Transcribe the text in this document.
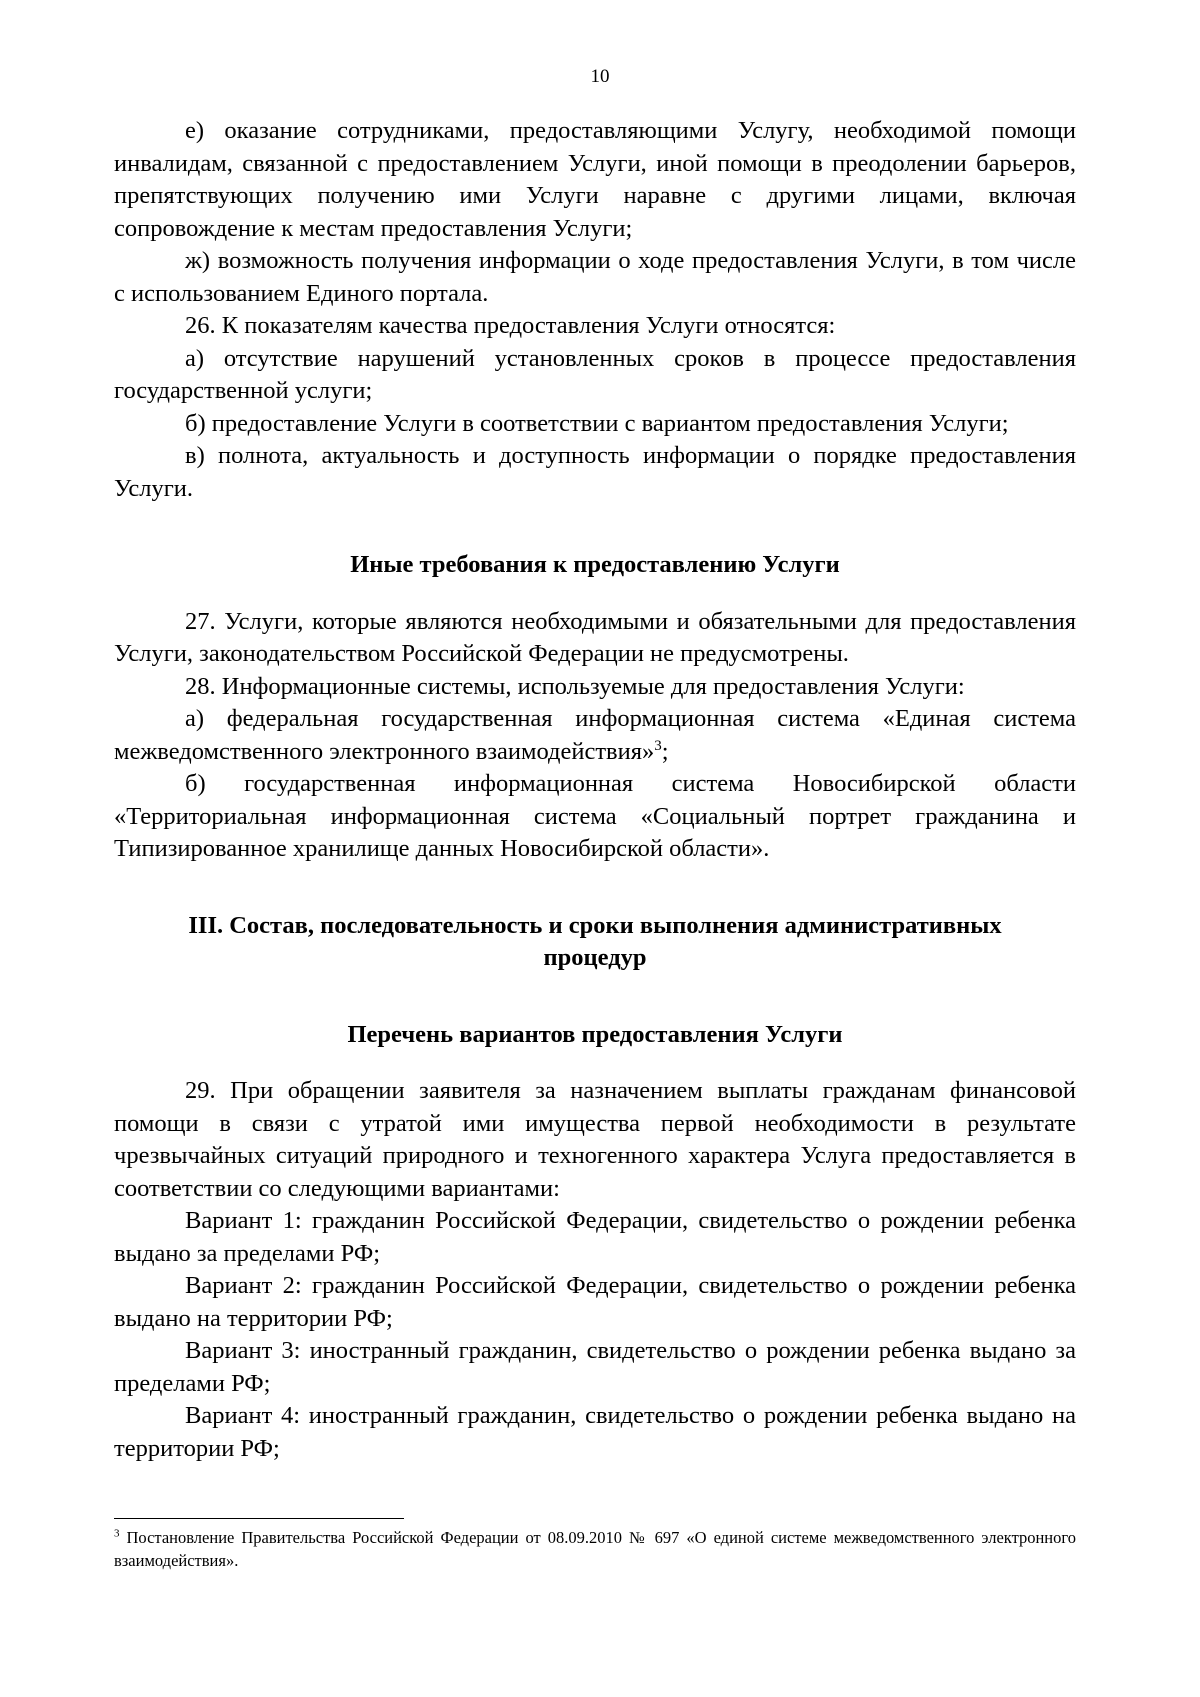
10

е) оказание сотрудниками, предоставляющими Услугу, необходимой помощи инвалидам, связанной с предоставлением Услуги, иной помощи в преодолении барьеров, препятствующих получению ими Услуги наравне с другими лицами, включая сопровождение к местам предоставления Услуги;

ж) возможность получения информации о ходе предоставления Услуги, в том числе с использованием Единого портала.

26. К показателям качества предоставления Услуги относятся:

а) отсутствие нарушений установленных сроков в процессе предоставления государственной услуги;

б) предоставление Услуги в соответствии с вариантом предоставления Услуги;

в) полнота, актуальность и доступность информации о порядке предоставления Услуги.

Иные требования к предоставлению Услуги

27. Услуги, которые являются необходимыми и обязательными для предоставления Услуги, законодательством Российской Федерации не предусмотрены.

28. Информационные системы, используемые для предоставления Услуги:

а) федеральная государственная информационная система «Единая система межведомственного электронного взаимодействия»$^3$;

б) государственная информационная система Новосибирской области «Территориальная информационная система «Социальный портрет гражданина и Типизированное хранилище данных Новосибирской области».

III. Состав, последовательность и сроки выполнения административных
процедур
Перечень вариантов предоставления Услуги

29. При обращении заявителя за назначением выплаты гражданам финансовой помощи в связи с утратой ими имущества первой необходимости в результате чрезвычайных ситуаций природного и техногенного характера Услуга предоставляется в соответствии со следующими вариантами:

Вариант 1: гражданин Российской Федерации, свидетельство о рождении ребенка выдано за пределами РФ;

Вариант 2: гражданин Российской Федерации, свидетельство о рождении ребенка выдано на территории РФ;

Вариант 3: иностранный гражданин, свидетельство о рождении ребенка выдано за пределами РФ;

Вариант 4: иностранный гражданин, свидетельство о рождении ребенка выдано на территории РФ;

$^3$ Постановление Правительства Российской Федерации от 08.09.2010 № 697 «О единой системе межведомственного электронного взаимодействия».
